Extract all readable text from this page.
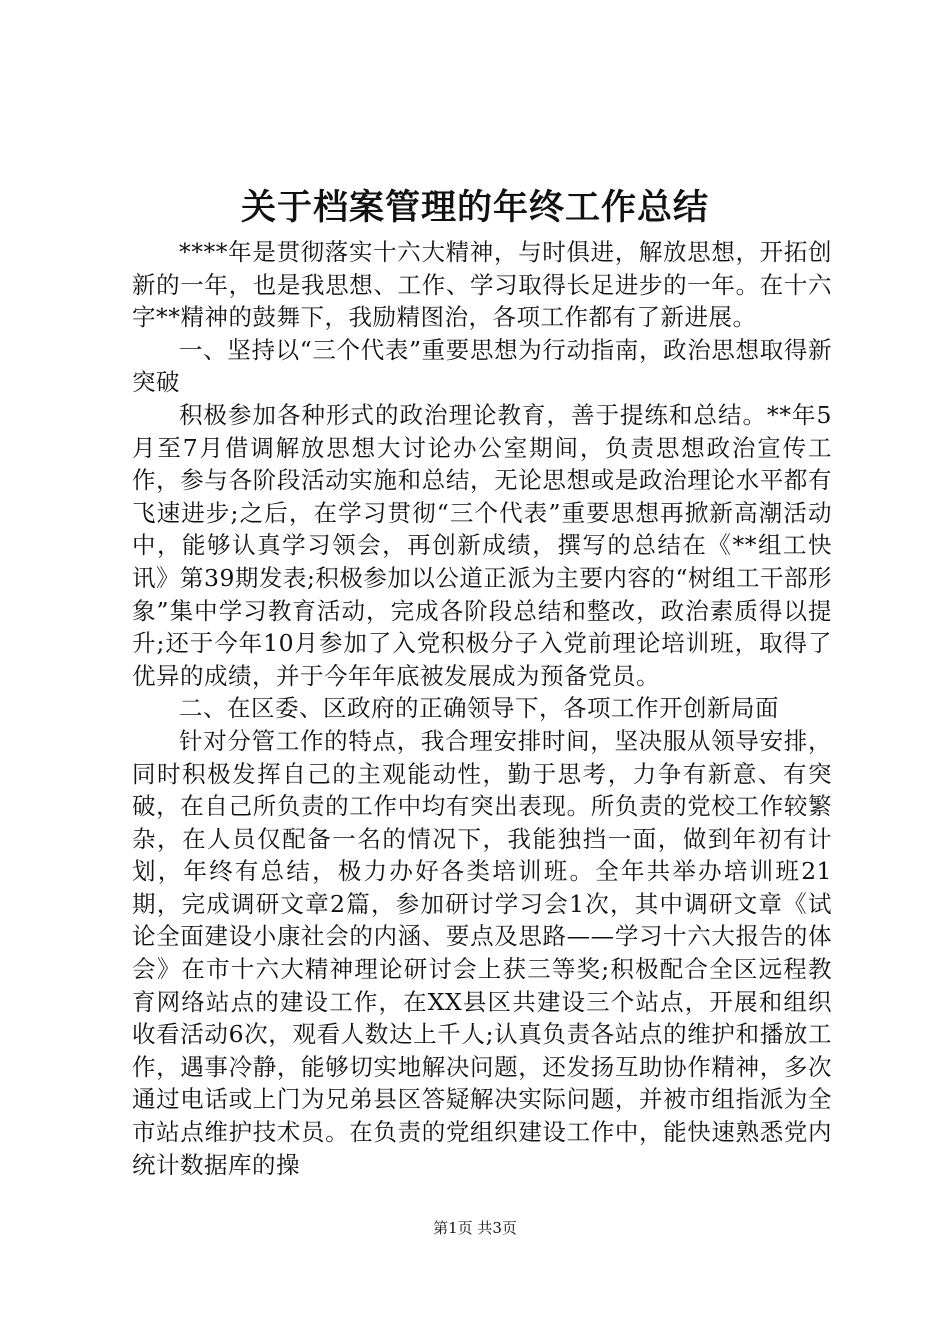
关于档案管理的年终工作总结

****年是贯彻落实十六大精神，与时俱进，解放思想，开拓创新的一年，也是我思想、工作、学习取得长足进步的一年。在十六字**精神的鼓舞下，我励精图治，各项工作都有了新进展。

一、坚持以“三个代表”重要思想为行动指南，政治思想取得新突破

积极参加各种形式的政治理论教育，善于提练和总结。**年5月至7月借调解放思想大讨论办公室期间，负责思想政治宣传工作，参与各阶段活动实施和总结，无论思想或是政治理论水平都有飞速进步;之后，在学习贯彻“三个代表”重要思想再掀新高潮活动中，能够认真学习领会，再创新成绩，撰写的总结在《**组工快讯》第39期发表;积极参加以公道正派为主要内容的“树组工干部形象”集中学习教育活动，完成各阶段总结和整改，政治素质得以提升;还于今年10月参加了入党积极分子入党前理论培训班，取得了优异的成绩，并于今年年底被发展成为预备党员。

二、在区委、区政府的正确领导下，各项工作开创新局面

针对分管工作的特点，我合理安排时间，坚决服从领导安排，同时积极发挥自己的主观能动性，勤于思考，力争有新意、有突破，在自己所负责的工作中均有突出表现。所负责的党校工作较繁杂，在人员仅配备一名的情况下，我能独挡一面，做到年初有计划，年终有总结，极力办好各类培训班。全年共举办培训班21期，完成调研文章2篇，参加研讨学习会1次，其中调研文章《试论全面建设小康社会的内涵、要点及思路——学习十六大报告的体会》在市十六大精神理论研讨会上获三等奖;积极配合全区远程教育网络站点的建设工作，在XX县区共建设三个站点，开展和组织收看活动6次，观看人数达上千人;认真负责各站点的维护和播放工作，遇事冷静，能够切实地解决问题，还发扬互助协作精神，多次通过电话或上门为兄弟县区答疑解决实际问题，并被市组指派为全市站点维护技术员。在负责的党组织建设工作中，能快速熟悉党内统计数据库的操

第1页 共3页
